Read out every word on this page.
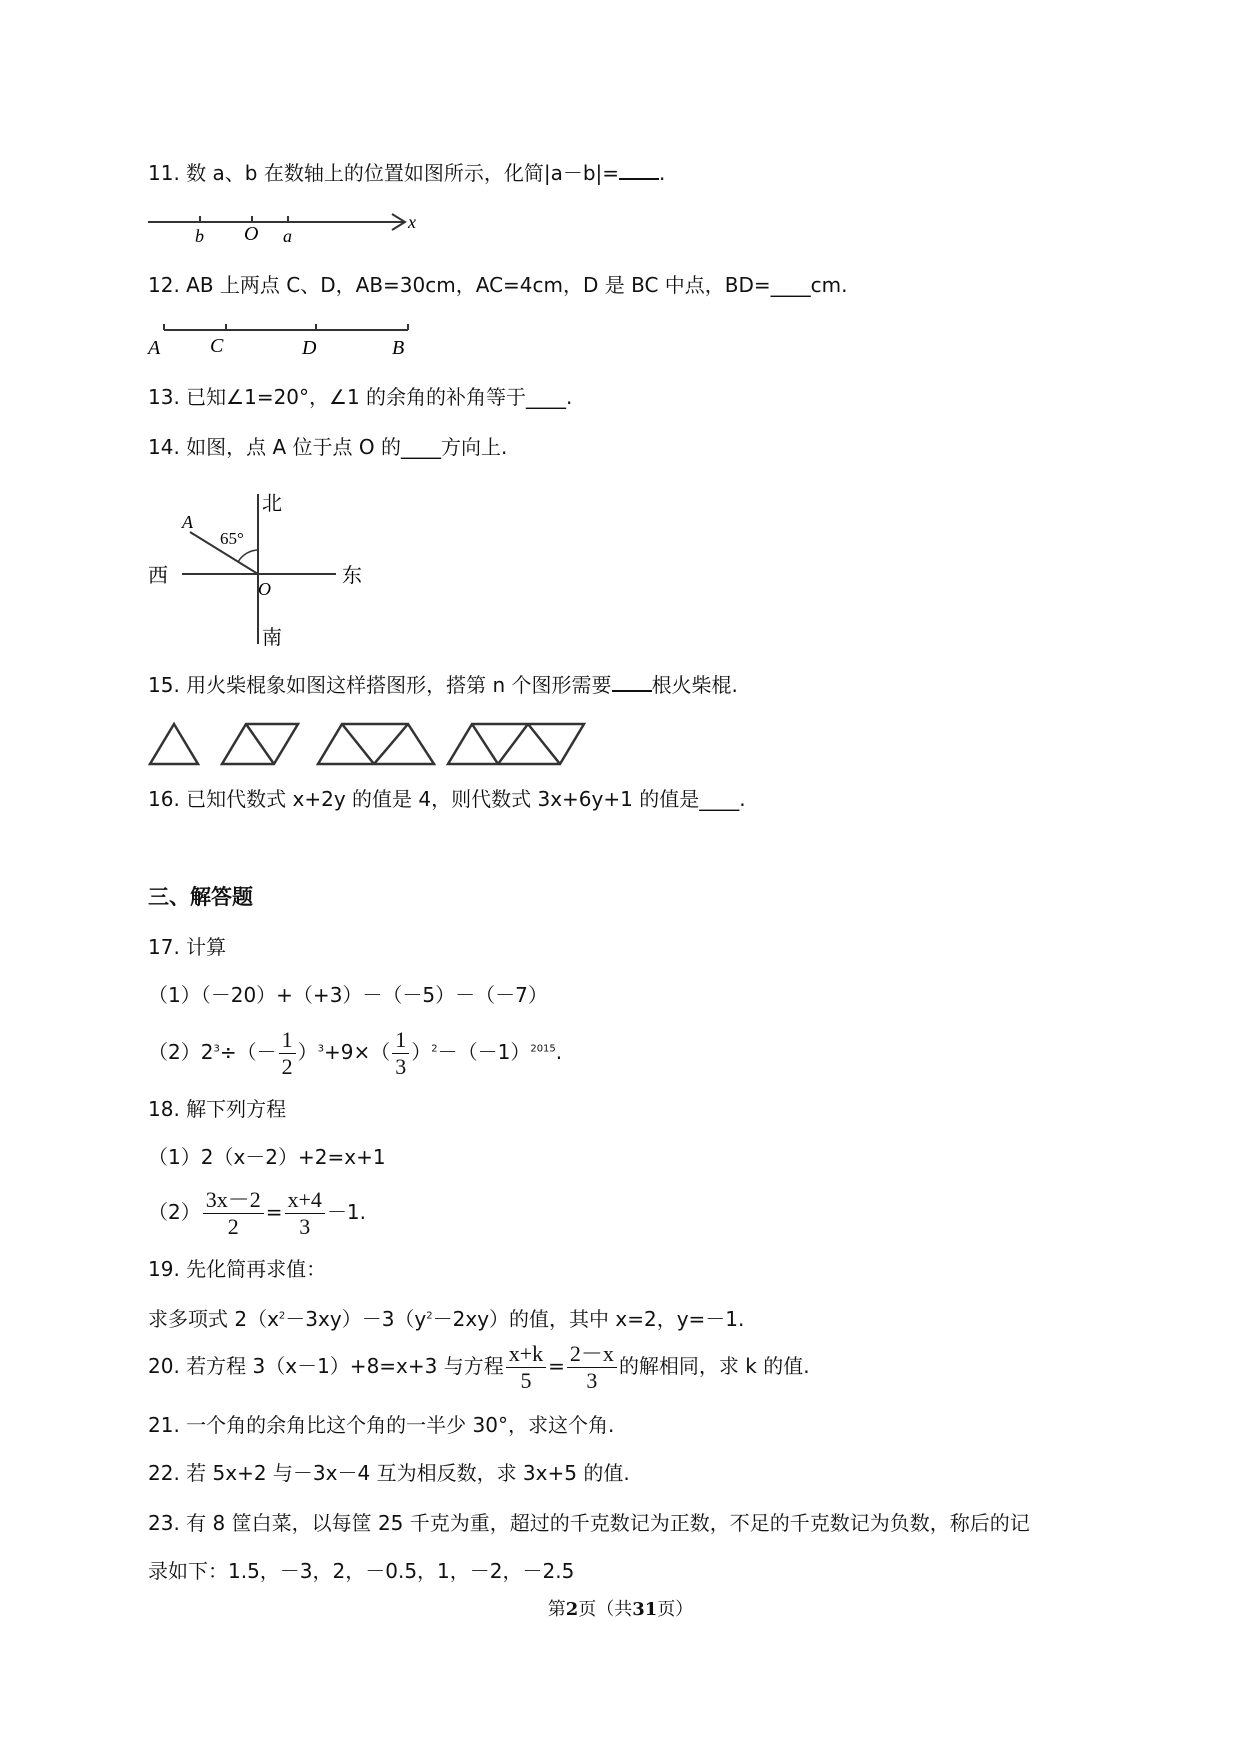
11. 数 a、b 在数轴上的位置如图所示，化简|a－b|= .
b O a
x
12. AB 上两点 C、D，AB=30cm，AC=4cm，D 是 BC 中点，BD=____cm.
A C	D	B
13. 已知∠1=20°，∠1 的余角的补角等于____.
14. 如图，点 A 位于点 O 的____方向上.
北
南
西	东
A
O
65°
15. 用火柴棍象如图这样搭图形，搭第 n 个图形需要 根火柴棍.
16. 已知代数式 x+2y 的值是 4，则代数式 3x+6y+1 的值是____.
三、解答题
17. 计算
（1）（－20）+（+3）－（－5）－（－7）
$(2)2^3\div(- \frac{1}{2} )^3+9\times( \frac{1}{3} )^2-(-1)^{2015}$.
18. 解下列方程
（1）2（x－2）+2=x+1
$(2) \frac{3x-2}{2} = \frac{x+4}{3} -1$.
19. 先化简再求值：
求多项式 $2(x^2-3xy)-3(y^2-2xy)$的值，其中 x=2，y=－1.
20. 若方程 3（x－1）+8=x+3 与方程 $\frac{x+k}{5} = \frac{2-x}{3}$ 的解相同，求 k 的值.
21. 一个角的余角比这个角的一半少 30°，求这个角.
22. 若 5x+2 与－3x－4 互为相反数，求 3x+5 的值.
23. 有 8 筐白菜，以每筐 25 千克为重，超过的千克数记为正数，不足的千克数记为负数，称后的记
录如下：1.5，－3，2，－0.5，1，－2，－2.5
第2页（共31页）
